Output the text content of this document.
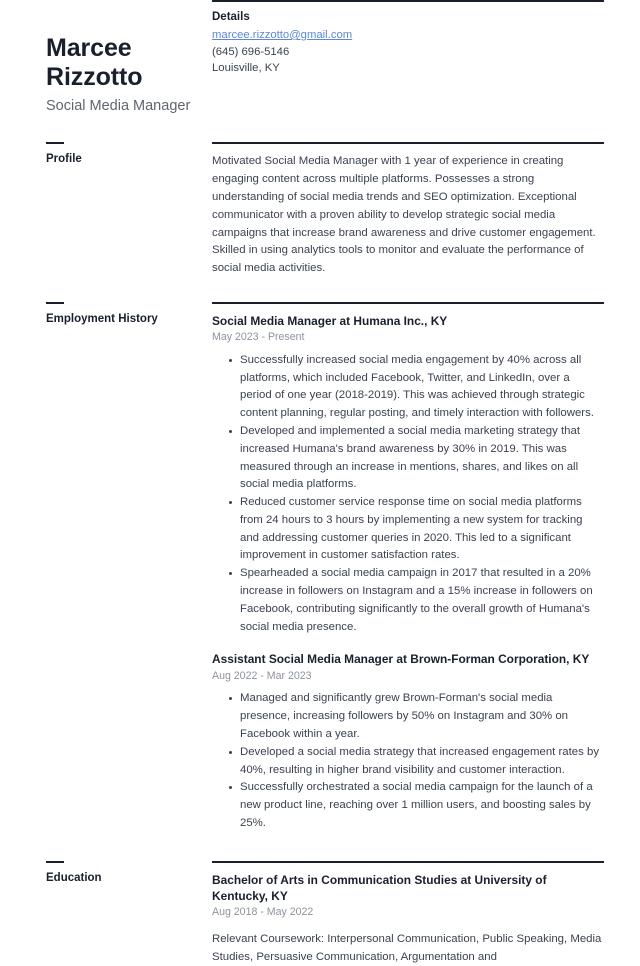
Marcee
Rizzotto
Social Media Manager
Details
marcee.rizzotto@gmail.com
(645) 696-5146
Louisville, KY
Profile	Motivated Social Media Manager with 1 year of experience in creating engaging content across multiple platforms. Possesses a strong understanding of social media trends and SEO optimization. Exceptional communicator with a proven ability to develop strategic social media campaigns that increase brand awareness and drive customer engagement. Skilled in using analytics tools to monitor and evaluate the performance of social media activities.

Employment History	Social Media Manager at Humana Inc., KY
May 2023 - Present
Successfully increased social media engagement by 40% across all platforms, which included Facebook, Twitter, and LinkedIn, over a period of one year (2018-2019). This was achieved through strategic content planning, regular posting, and timely interaction with followers.
Developed and implemented a social media marketing strategy that increased Humana's brand awareness by 30% in 2019. This was measured through an increase in mentions, shares, and likes on all social media platforms.
Reduced customer service response time on social media platforms from 24 hours to 3 hours by implementing a new system for tracking and addressing customer queries in 2020. This led to a significant improvement in customer satisfaction rates.
Spearheaded a social media campaign in 2017 that resulted in a 20% increase in followers on Instagram and a 15% increase in followers on Facebook, contributing significantly to the overall growth of Humana's social media presence.
Assistant Social Media Manager at Brown-Forman Corporation, KY
Aug 2022 - Mar 2023
Managed and significantly grew Brown-Forman's social media presence, increasing followers by 50% on Instagram and 30% on Facebook within a year.
Developed a social media strategy that increased engagement rates by 40%, resulting in higher brand visibility and customer interaction.
Successfully orchestrated a social media campaign for the launch of a new product line, reaching over 1 million users, and boosting sales by 25%.
Education	Bachelor of Arts in Communication Studies at University of Kentucky, KY
Aug 2018 - May 2022

Relevant Coursework: Interpersonal Communication, Public Speaking, Media Studies, Persuasive Communication, Argumentation and
